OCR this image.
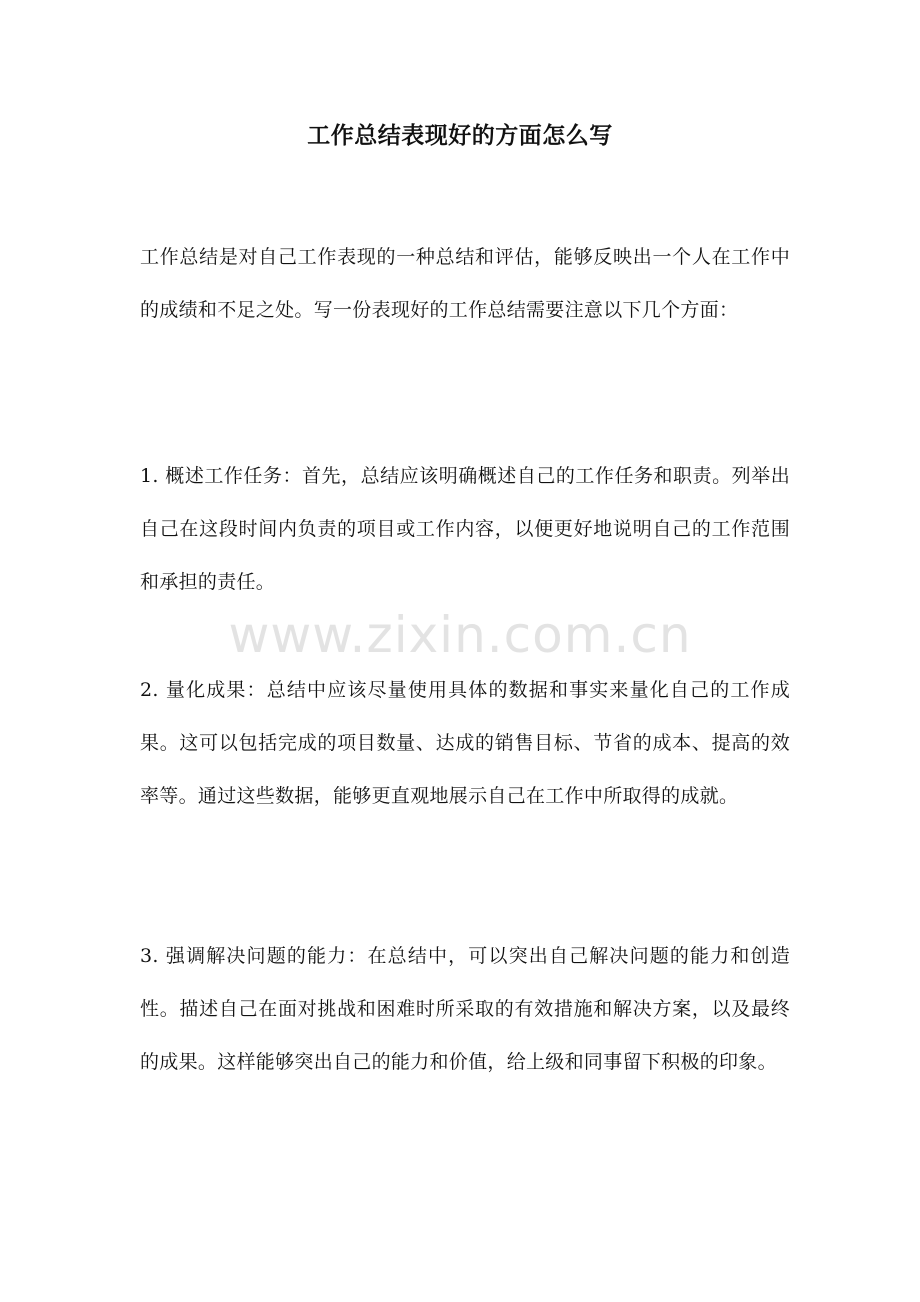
工作总结表现好的方面怎么写

工作总结是对自己工作表现的一种总结和评估，能够反映出一个人在工作中的成绩和不足之处。写一份表现好的工作总结需要注意以下几个方面：

1. 概述工作任务：首先，总结应该明确概述自己的工作任务和职责。列举出自己在这段时间内负责的项目或工作内容，以便更好地说明自己的工作范围和承担的责任。

www.zixin.com.cn

2. 量化成果：总结中应该尽量使用具体的数据和事实来量化自己的工作成果。这可以包括完成的项目数量、达成的销售目标、节省的成本、提高的效率等。通过这些数据，能够更直观地展示自己在工作中所取得的成就。

3. 强调解决问题的能力：在总结中，可以突出自己解决问题的能力和创造性。描述自己在面对挑战和困难时所采取的有效措施和解决方案，以及最终的成果。这样能够突出自己的能力和价值，给上级和同事留下积极的印象。
